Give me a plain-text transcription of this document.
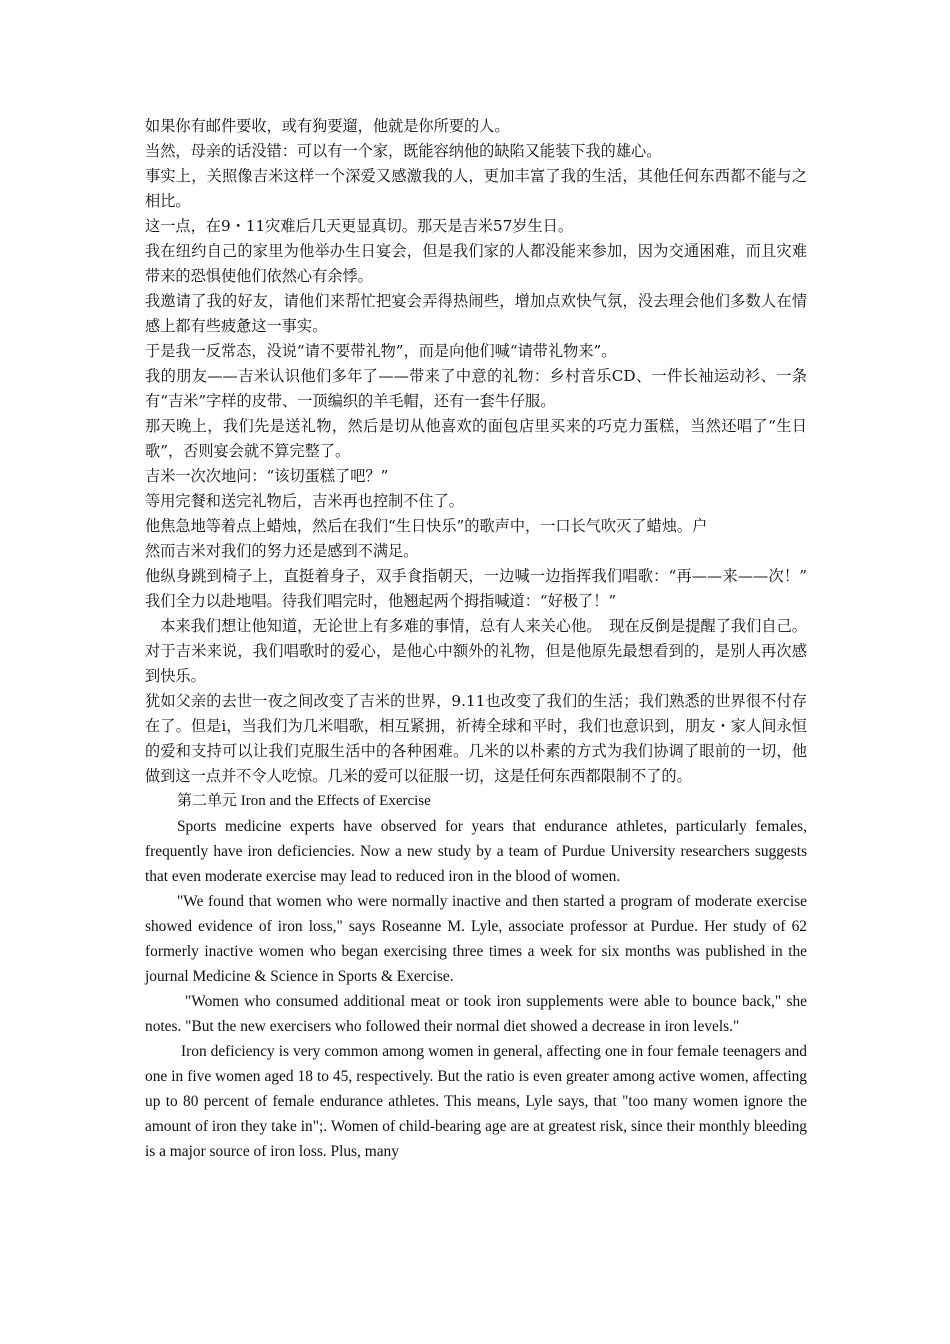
如果你有邮件要收，或有狗要遛，他就是你所要的人。

当然，母亲的话没错：可以有一个家，既能容纳他的缺陷又能装下我的雄心。

事实上，关照像吉米这样一个深爱又感激我的人，更加丰富了我的生活，其他任何东西都不能与之相比。

这一点，在9・11灾难后几天更显真切。那天是吉米57岁生日。

我在纽约自己的家里为他举办生日宴会，但是我们家的人都没能来参加，因为交通困难，而且灾难带来的恐惧使他们依然心有余悸。

我邀请了我的好友，请他们来帮忙把宴会弄得热闹些，增加点欢快气氛，没去理会他们多数人在情感上都有些疲惫这一事实。

于是我一反常态，没说“请不要带礼物”，而是向他们喊“请带礼物来”。

我的朋友——吉米认识他们多年了——带来了中意的礼物：乡村音乐CD、一件长袖运动衫、一条有“吉米”字样的皮带、一顶编织的羊毛帽，还有一套牛仔服。

那天晚上，我们先是送礼物，然后是切从他喜欢的面包店里买来的巧克力蛋糕，当然还唱了“生日歌”，否则宴会就不算完整了。

吉米一次次地问：“该切蛋糕了吧？”

等用完餐和送完礼物后，吉米再也控制不住了。

他焦急地等着点上蜡烛，然后在我们“生日快乐”的歌声中，一口长气吹灭了蜡烛。户

然而吉米对我们的努力还是感到不满足。

他纵身跳到椅子上，直挺着身子，双手食指朝天，一边喊一边指挥我们唱歌：“再——来——次！” 我们全力以赴地唱。待我们唱完时，他翘起两个拇指喊道：“好极了！”

本来我们想让他知道，无论世上有多难的事情，总有人来关心他。　现在反倒是提醒了我们自己。对于吉米来说，我们唱歌时的爱心，是他心中额外的礼物，但是他原先最想看到的，是别人再次感到快乐。

犹如父亲的去世一夜之间改变了吉米的世界，9.11也改变了我们的生活；我们熟悉的世界很不付存在了。但是i，当我们为几米唱歌，相互紧拥，祈祷全球和平时，我们也意识到，朋友・家人间永恒的爱和支持可以让我们克服生活中的各种困难。几米的以朴素的方式为我们协调了眼前的一切，他做到这一点并不令人吃惊。几米的爱可以征服一切，这是任何东西都限制不了的。

第二单元 Iron and the Effects of Exercise

Sports medicine experts have observed for years that endurance athletes, particularly females, frequently have iron deficiencies. Now a new study by a team of Purdue University researchers suggests that even moderate exercise may lead to reduced iron in the blood of women.

"We found that women who were normally inactive and then started a program of moderate exercise showed evidence of iron loss," says Roseanne M. Lyle, associate professor at Purdue. Her study of 62 formerly inactive women who began exercising three times a week for six months was published in the journal Medicine & Science in Sports & Exercise.

"Women who consumed additional meat or took iron supplements were able to bounce back," she notes. "But the new exercisers who followed their normal diet showed a decrease in iron levels."

Iron deficiency is very common among women in general, affecting one in four female teenagers and one in five women aged 18 to 45, respectively. But the ratio is even greater among active women, affecting up to 80 percent of female endurance athletes. This means, Lyle says, that "too many women ignore the amount of iron they take in";. Women of child-bearing age are at greatest risk, since their monthly bleeding is a major source of iron loss. Plus, many
